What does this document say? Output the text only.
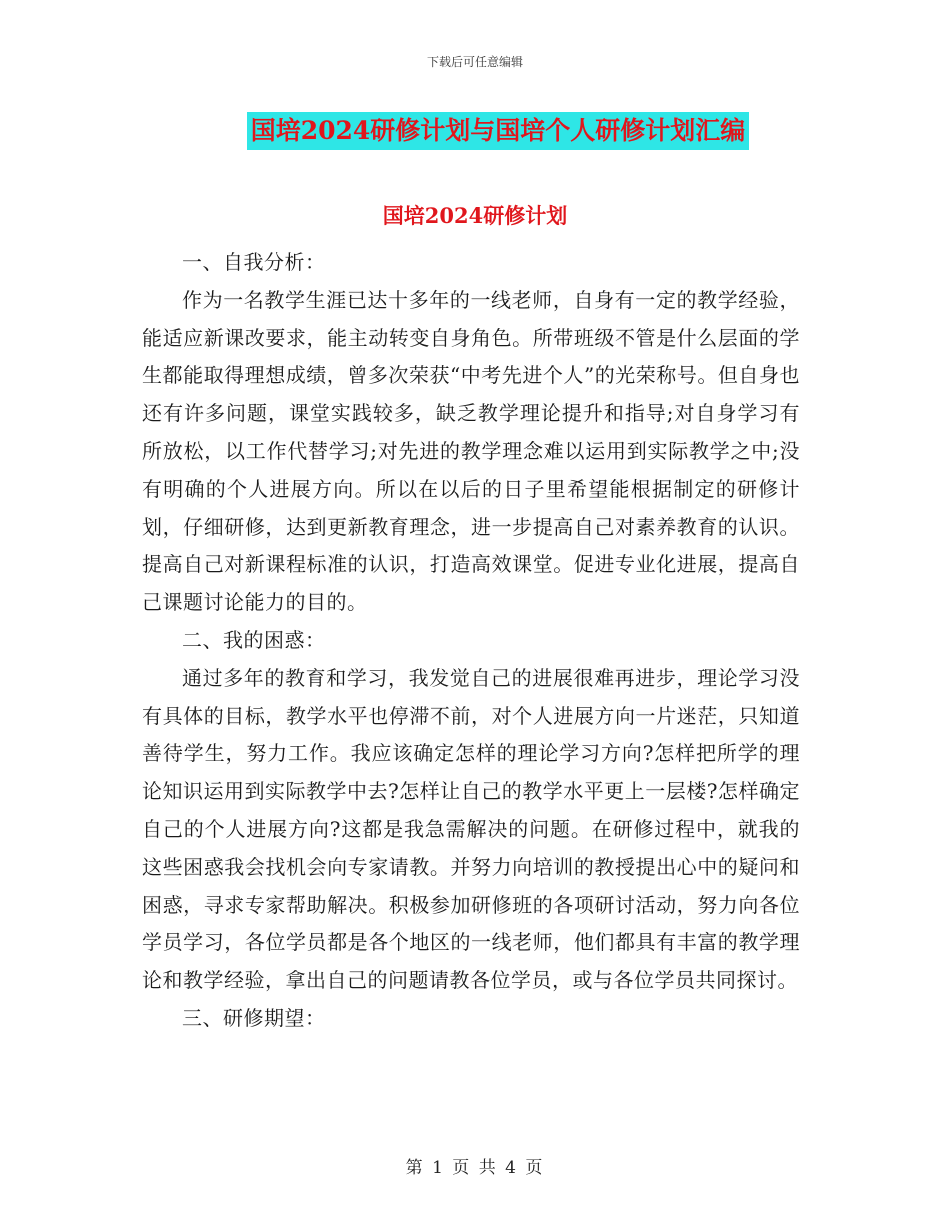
下载后可任意编辑
国培2024研修计划与国培个人研修计划汇编
国培2024研修计划

一、自我分析：

作为一名教学生涯已达十多年的一线老师，自身有一定的教学经验，能适应新课改要求，能主动转变自身角色。所带班级不管是什么层面的学生都能取得理想成绩，曾多次荣获“中考先进个人”的光荣称号。但自身也还有许多问题，课堂实践较多，缺乏教学理论提升和指导;对自身学习有所放松，以工作代替学习;对先进的教学理念难以运用到实际教学之中;没有明确的个人进展方向。所以在以后的日子里希望能根据制定的研修计划，仔细研修，达到更新教育理念，进一步提高自己对素养教育的认识。提高自己对新课程标准的认识，打造高效课堂。促进专业化进展，提高自己课题讨论能力的目的。

二、我的困惑：

通过多年的教育和学习，我发觉自己的进展很难再进步，理论学习没有具体的目标，教学水平也停滞不前，对个人进展方向一片迷茫，只知道善待学生，努力工作。我应该确定怎样的理论学习方向?怎样把所学的理论知识运用到实际教学中去?怎样让自己的教学水平更上一层楼?怎样确定自己的个人进展方向?这都是我急需解决的问题。在研修过程中，就我的这些困惑我会找机会向专家请教。并努力向培训的教授提出心中的疑问和困惑，寻求专家帮助解决。积极参加研修班的各项研讨活动，努力向各位学员学习，各位学员都是各个地区的一线老师，他们都具有丰富的教学理论和教学经验，拿出自己的问题请教各位学员，或与各位学员共同探讨。

三、研修期望：

第 1 页 共 4 页
